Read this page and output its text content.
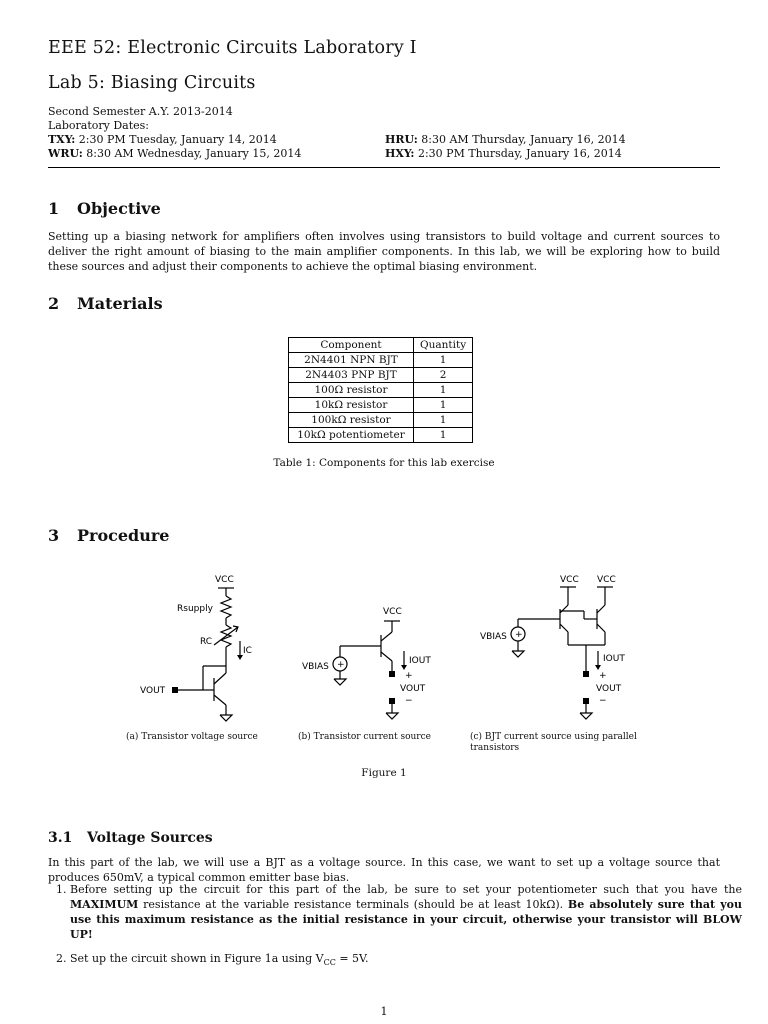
EEE 52: Electronic Circuits Laboratory I
Lab 5: Biasing Circuits
Second Semester A.Y. 2013-2014
Laboratory Dates:
TXY: 2:30 PM Tuesday, January 14, 2014
WRU: 8:30 AM Wednesday, January 15, 2014
HRU: 8:30 AM Thursday, January 16, 2014
HXY: 2:30 PM Thursday, January 16, 2014
1 Objective
Setting up a biasing network for amplifiers often involves using transistors to build voltage and current sources to deliver the right amount of biasing to the main amplifier components. In this lab, we will be exploring how to build these sources and adjust their components to achieve the optimal biasing environment.
2 Materials
Component	Quantity
2N4401 NPN BJT	1
2N4403 PNP BJT	2
100Ω resistor	1
10kΩ resistor	1
100kΩ resistor	1
10kΩ potentiometer	1
Table 1: Components for this lab exercise
3 Procedure
VCC
Rsupply
RC
IC
VOUT
VCC
VBIAS
IOUT
+
VOUT
−
+
VCC VCC
VBIAS +
IOUT
+
VOUT
−
(a) Transistor voltage source	(b) Transistor current source	(c) BJT current source using parallel transistors
Figure 1
3.1 Voltage Sources
In this part of the lab, we will use a BJT as a voltage source. In this case, we want to set up a voltage source that produces 650mV, a typical common emitter base bias.
1. Before setting up the circuit for this part of the lab, be sure to set your potentiometer such that you have the MAXIMUM resistance at the variable resistance terminals (should be at least 10kΩ). Be absolutely sure that you use this maximum resistance as the initial resistance in your circuit, otherwise your transistor will BLOW UP!
2. Set up the circuit shown in Figure 1a using $V_{CC} = 5V$.
1
